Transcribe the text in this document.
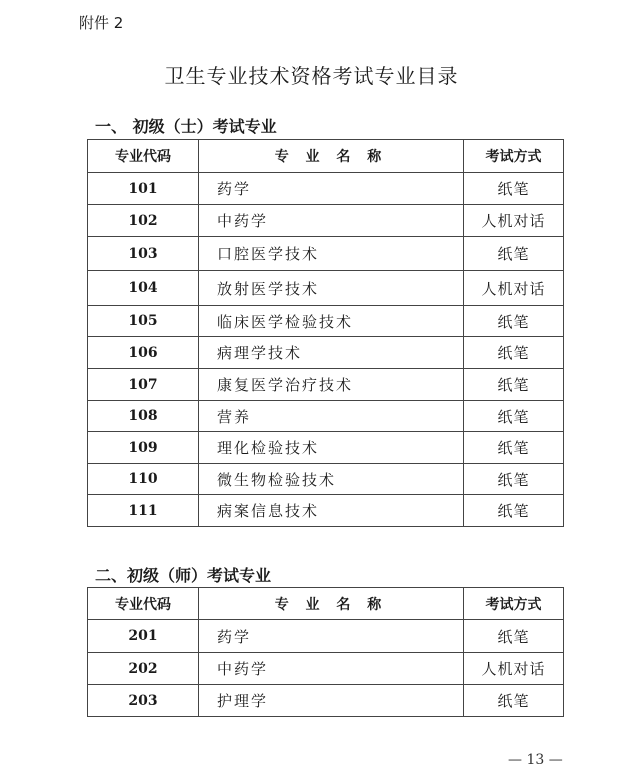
附件 2
卫生专业技术资格考试专业目录
一、 初级（士）考试专业
专业代码	专 业 名 称	考试方式
101	药学	纸笔
102	中药学	人机对话
103	口腔医学技术	纸笔
104	放射医学技术	人机对话
105	临床医学检验技术	纸笔
106	病理学技术	纸笔
107	康复医学治疗技术	纸笔
108	营养	纸笔
109	理化检验技术	纸笔
110	微生物检验技术	纸笔
111	病案信息技术	纸笔
二、初级（师）考试专业
专业代码	专 业 名 称	考试方式
201	药学	纸笔
202	中药学	人机对话
203	护理学	纸笔
— 13 —
